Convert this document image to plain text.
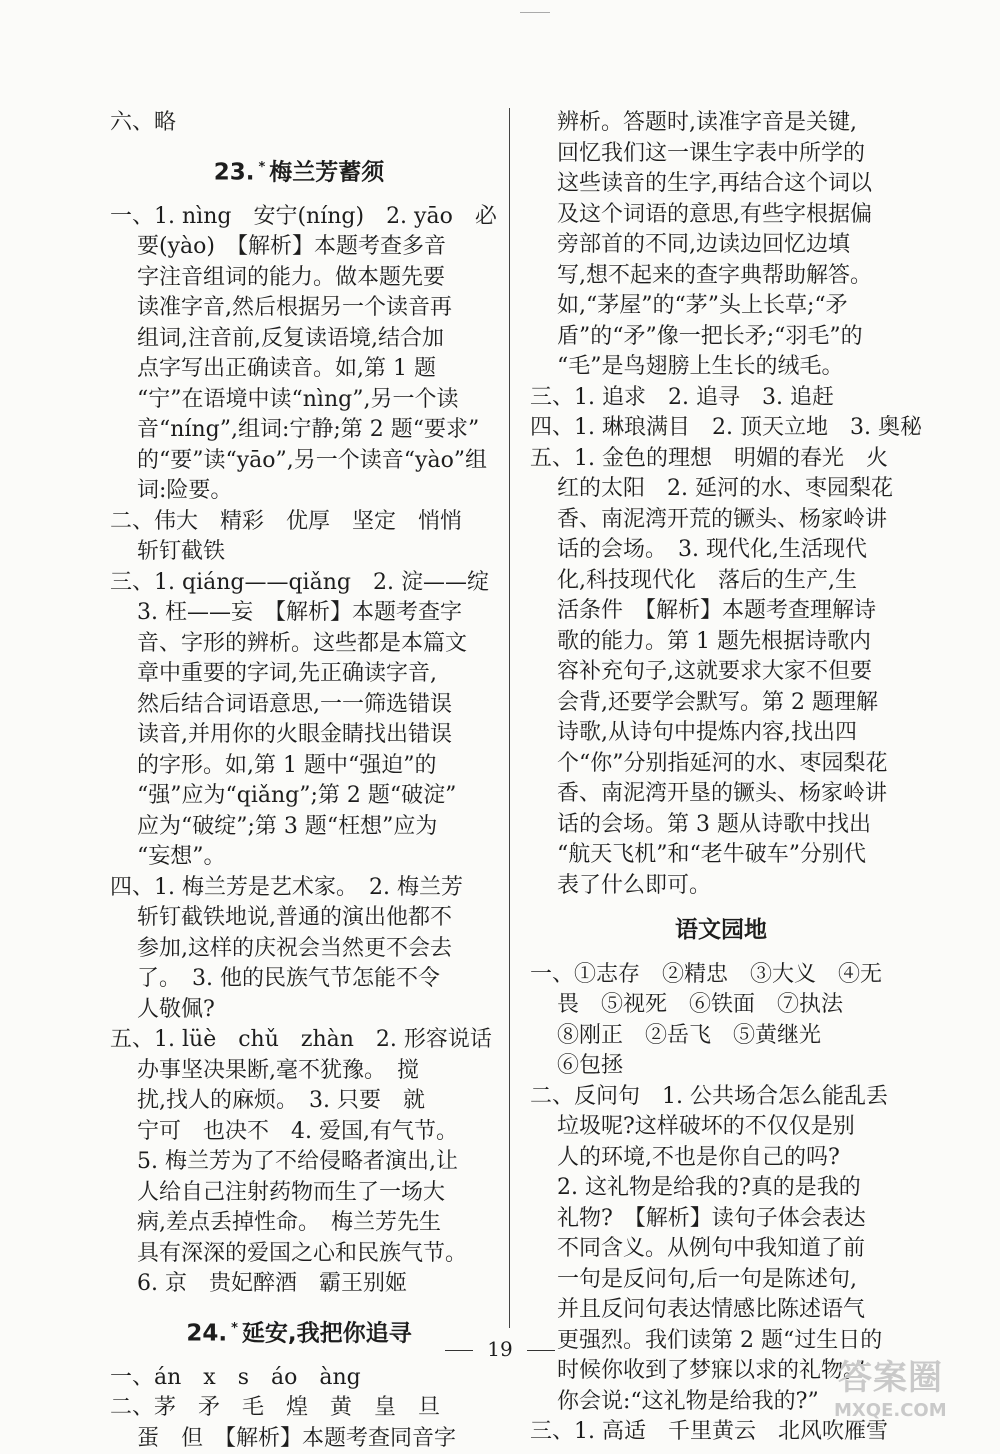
六、略
23. * 梅兰芳蓄须
一、1. nìng　安宁(níng)　2. yāo　必
要(yào)　【解析】本题考查多音
字注音组词的能力。做本题先要
读准字音,然后根据另一个读音再
组词,注音前,反复读语境,结合加
点字写出正确读音。如,第 1 题
“宁”在语境中读“nìng”,另一个读
音“níng”,组词:宁静;第 2 题“要求”
的“要”读“yāo”,另一个读音“yào”组
词:险要。
二、伟大　精彩　优厚　坚定　悄悄
斩钉截铁
三、1. qiáng——qiǎng　2. 淀——绽
3. 枉——妄　【解析】本题考查字
音、字形的辨析。这些都是本篇文
章中重要的字词,先正确读字音,
然后结合词语意思,一一筛选错误
读音,并用你的火眼金睛找出错误
的字形。如,第 1 题中“强迫”的
“强”应为“qiǎng”;第 2 题“破淀”
应为“破绽”;第 3 题“枉想”应为
“妄想”。
四、1. 梅兰芳是艺术家。　2. 梅兰芳
斩钉截铁地说,普通的演出他都不
参加,这样的庆祝会当然更不会去
了。　3. 他的民族气节怎能不令
人敬佩?
五、1. lüè　chǔ　zhàn　2. 形容说话
办事坚决果断,毫不犹豫。　搅
扰,找人的麻烦。　3. 只要　就
宁可　也决不　4. 爱国,有气节。
5. 梅兰芳为了不给侵略者演出,让
人给自己注射药物而生了一场大
病,差点丢掉性命。　梅兰芳先生
具有深深的爱国之心和民族气节。
6. 京　贵妃醉酒　霸王别姬
24. * 延安,我把你追寻
一、án　x　s　áo　àng
二、茅　矛　毛　煌　黄　皇　旦
蛋　但　【解析】本题考查同音字
辨析。答题时,读准字音是关键,
回忆我们这一课生字表中所学的
这些读音的生字,再结合这个词以
及这个词语的意思,有些字根据偏
旁部首的不同,边读边回忆边填
写,想不起来的查字典帮助解答。
如,“茅屋”的“茅”头上长草;“矛
盾”的“矛”像一把长矛;“羽毛”的
“毛”是鸟翅膀上生长的绒毛。
三、1. 追求　2. 追寻　3. 追赶
四、1. 琳琅满目　2. 顶天立地　3. 奥秘
五、1. 金色的理想　明媚的春光　火
红的太阳　2. 延河的水、枣园梨花
香、南泥湾开荒的镢头、杨家岭讲
话的会场。　3. 现代化,生活现代
化,科技现代化　落后的生产,生
活条件　【解析】本题考查理解诗
歌的能力。第 1 题先根据诗歌内
容补充句子,这就要求大家不但要
会背,还要学会默写。第 2 题理解
诗歌,从诗句中提炼内容,找出四
个“你”分别指延河的水、枣园梨花
香、南泥湾开垦的镢头、杨家岭讲
话的会场。第 3 题从诗歌中找出
“航天飞机”和“老牛破车”分别代
表了什么即可。
语文园地
一、①志存　②精忠　③大义　④无
畏　⑤视死　⑥铁面　⑦执法
⑧刚正　②岳飞　⑤黄继光
⑥包拯
二、反问句　1. 公共场合怎么能乱丢
垃圾呢?这样破坏的不仅仅是别
人的环境,不也是你自己的吗?
2. 这礼物是给我的?真的是我的
礼物?　【解析】读句子体会表达
不同含义。从例句中我知道了前
一句是反问句,后一句是陈述句,
并且反问句表达情感比陈述语气
更强烈。我们读第 2 题“过生日的
时候你收到了梦寐以求的礼物。”
你会说:“这礼物是给我的?”
三、1. 高适　千里黄云　北风吹雁雪
19
答案圈
MXQE.COM
